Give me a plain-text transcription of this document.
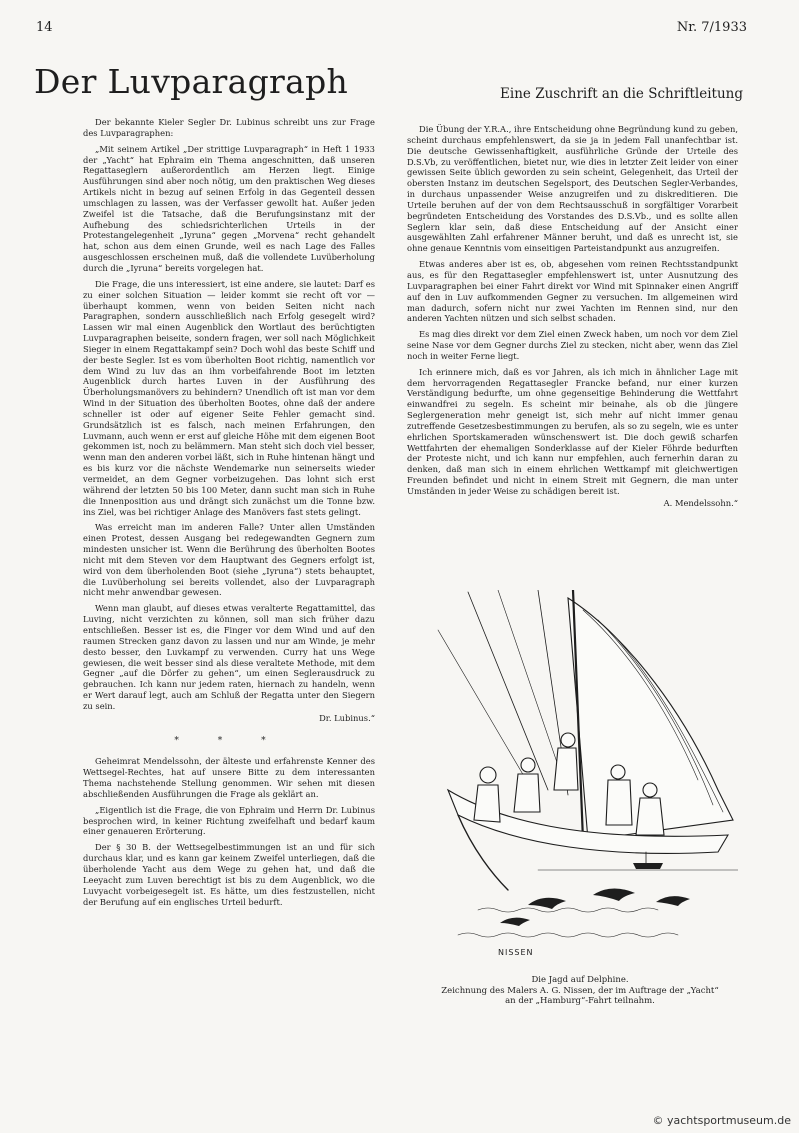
14	Nr. 7/1933
Der Luvparagraph	Eine Zuschrift an die Schriftleitung

Der bekannte Kieler Segler Dr. Lubinus schreibt uns zur Frage des Luvparagraphen:

„Mit seinem Artikel „Der strittige Luvparagraph“ in Heft 1 1933 der „Yacht“ hat Ephraim ein Thema angeschnitten, daß unseren Regattaseglern außerordentlich am Herzen liegt. Einige Ausführungen sind aber noch nötig, um den praktischen Weg dieses Artikels nicht in bezug auf seinen Erfolg in das Gegenteil dessen umschlagen zu lassen, was der Verfasser gewollt hat. Außer jeden Zweifel ist die Tatsache, daß die Berufungsinstanz mit der Aufhebung des schiedsrichterlichen Urteils in der Protestangelegenheit „Iyruna“ gegen „Morvena“ recht gehandelt hat, schon aus dem einen Grunde, weil es nach Lage des Falles ausgeschlossen erscheinen muß, daß die vollendete Luvüberholung durch die „Iyruna“ bereits vorgelegen hat.

Die Frage, die uns interessiert, ist eine andere, sie lautet: Darf es zu einer solchen Situation — leider kommt sie recht oft vor — überhaupt kommen, wenn von beiden Seiten nicht nach Paragraphen, sondern ausschließlich nach Erfolg gesegelt wird? Lassen wir mal einen Augenblick den Wortlaut des berüchtigten Luvparagraphen beiseite, sondern fragen, wer soll nach Möglichkeit Sieger in einem Regattakampf sein? Doch wohl das beste Schiff und der beste Segler. Ist es vom überholten Boot richtig, namentlich vor dem Wind zu luv das an ihm vorbeifahrende Boot im letzten Augenblick durch hartes Luven in der Ausführung des Überholungsmanövers zu behindern? Unendlich oft ist man vor dem Wind in der Situation des überholten Bootes, ohne daß der andere schneller ist oder auf eigener Seite Fehler gemacht sind. Grundsätzlich ist es falsch, nach meinen Erfahrungen, den Luvmann, auch wenn er erst auf gleiche Höhe mit dem eigenen Boot gekommen ist, noch zu belämmern. Man steht sich doch viel besser, wenn man den anderen vorbei läßt, sich in Ruhe hintenan hängt und es bis kurz vor die nächste Wendemarke nun seinerseits wieder vermeidet, an dem Gegner vorbeizugehen. Das lohnt sich erst während der letzten 50 bis 100 Meter, dann sucht man sich in Ruhe die Innenposition aus und drängt sich zunächst um die Tonne bzw. ins Ziel, was bei richtiger Anlage des Manövers fast stets gelingt.

Was erreicht man im anderen Falle? Unter allen Umständen einen Protest, dessen Ausgang bei redegewandten Gegnern zum mindesten unsicher ist. Wenn die Berührung des überholten Bootes nicht mit dem Steven vor dem Hauptwant des Gegners erfolgt ist, wird von dem überholenden Boot (siehe „Iyruna“) stets behauptet, die Luvüberholung sei bereits vollendet, also der Luvparagraph nicht mehr anwendbar gewesen.

Wenn man glaubt, auf dieses etwas veralterte Regattamittel, das Luving, nicht verzichten zu können, soll man sich früher dazu entschließen. Besser ist es, die Finger vor dem Wind und auf den raumen Strecken ganz davon zu lassen und nur am Winde, je mehr desto besser, den Luvkampf zu verwenden. Curry hat uns Wege gewiesen, die weit besser sind als diese veraltete Methode, mit dem Gegner „auf die Dörfer zu gehen“, um einen Seglerausdruck zu gebrauchen. Ich kann nur jedem raten, hiernach zu handeln, wenn er Wert darauf legt, auch am Schluß der Regatta unter den Siegern zu sein.

Dr. Lubinus.“

* * *

Geheimrat Mendelssohn, der älteste und erfahrenste Kenner des Wettsegel-Rechtes, hat auf unsere Bitte zu dem interessanten Thema nachstehende Stellung genommen. Wir sehen mit diesen abschließenden Ausführungen die Frage als geklärt an.

„Eigentlich ist die Frage, die von Ephraim und Herrn Dr. Lubinus besprochen wird, in keiner Richtung zweifelhaft und bedarf kaum einer genaueren Erörterung.

Der § 30 B. der Wettsegelbestimmungen ist an und für sich durchaus klar, und es kann gar keinem Zweifel unterliegen, daß die überholende Yacht aus dem Wege zu gehen hat, und daß die Leeyacht zum Luven berechtigt ist bis zu dem Augenblick, wo die Luvyacht vorbeigesegelt ist. Es hätte, um dies festzustellen, nicht der Berufung auf ein englisches Urteil bedurft.

Die Übung der Y.R.A., ihre Entscheidung ohne Begründung kund zu geben, scheint durchaus empfehlenswert, da sie ja in jedem Fall unanfechtbar ist. Die deutsche Gewissenhaftigkeit, ausführliche Gründe der Urteile des D.S.Vb, zu veröffentlichen, bietet nur, wie dies in letzter Zeit leider von einer gewissen Seite üblich geworden zu sein scheint, Gelegenheit, das Urteil der obersten Instanz im deutschen Segelsport, des Deutschen Segler-Verbandes, in durchaus unpassender Weise anzugreifen und zu diskreditieren. Die Urteile beruhen auf der von dem Rechtsausschuß in sorgfältiger Vorarbeit begründeten Entscheidung des Vorstandes des D.S.Vb., und es sollte allen Seglern klar sein, daß diese Entscheidung auf der Ansicht einer ausgewählten Zahl erfahrener Männer beruht, und daß es unrecht ist, sie ohne genaue Kenntnis vom einseitigen Parteistandpunkt aus anzugreifen.

Etwas anderes aber ist es, ob, abgesehen vom reinen Rechtsstandpunkt aus, es für den Regattasegler empfehlenswert ist, unter Ausnutzung des Luvparagraphen bei einer Fahrt direkt vor Wind mit Spinnaker einen Angriff auf den in Luv aufkommenden Gegner zu versuchen. Im allgemeinen wird man dadurch, sofern nicht nur zwei Yachten im Rennen sind, nur den anderen Yachten nützen und sich selbst schaden.

Es mag dies direkt vor dem Ziel einen Zweck haben, um noch vor dem Ziel seine Nase vor dem Gegner durchs Ziel zu stecken, nicht aber, wenn das Ziel noch in weiter Ferne liegt.

Ich erinnere mich, daß es vor Jahren, als ich mich in ähnlicher Lage mit dem hervorragenden Regattasegler Francke befand, nur einer kurzen Verständigung bedurfte, um ohne gegenseitige Behinderung die Wettfahrt einwandfrei zu segeln. Es scheint mir beinahe, als ob die jüngere Seglergeneration mehr geneigt ist, sich mehr auf nicht immer genau zutreffende Gesetzesbestimmungen zu berufen, als so zu segeln, wie es unter ehrlichen Sportskameraden wünschenswert ist. Die doch gewiß scharfen Wettfahrten der ehemaligen Sonderklasse auf der Kieler Föhrde bedurften der Proteste nicht, und ich kann nur empfehlen, auch fernerhin daran zu denken, daß man sich in einem ehrlichen Wettkampf mit gleichwertigen Freunden befindet und nicht in einem Streit mit Gegnern, die man unter Umständen in jeder Weise zu schädigen bereit ist.

A. Mendelssohn.“

NISSEN
Die Jagd auf Delphine.
Zeichnung des Malers A. G. Nissen, der im Auftrage der „Yacht“
an der „Hamburg“-Fahrt teilnahm.
© yachtsportmuseum.de
